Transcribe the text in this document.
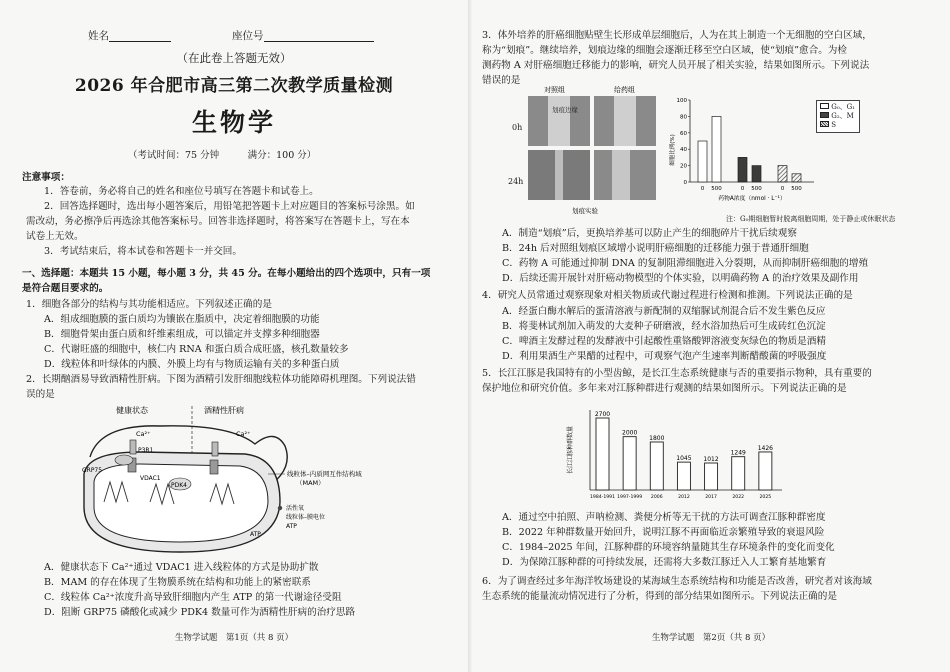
姓名	座位号
（在此卷上答题无效）
2026 年合肥市高三第二次教学质量检测
生物学
（考试时间：75 分钟　　　满分：100 分）
注意事项：
1．答卷前，务必将自己的姓名和座位号填写在答题卡和试卷上。
2．回答选择题时，选出每小题答案后，用铅笔把答题卡上对应题目的答案标号涂黑。如
需改动，务必擦净后再选涂其他答案标号。回答非选择题时，将答案写在答题卡上，写在本
试卷上无效。
3．考试结束后，将本试卷和答题卡一并交回。
一、选择题：本题共 15 小题，每小题 3 分，共 45 分。在每小题给出的四个选项中，只有一项
是符合题目要求的。
1．细胞各部分的结构与其功能相适应。下列叙述正确的是
A．组成细胞膜的蛋白质均为镶嵌在脂质中，决定着细胞膜的功能
B．细胞骨架由蛋白质和纤维素组成，可以锚定并支撑多种细胞器
C．代谢旺盛的细胞中，核仁内 RNA 和蛋白质合成旺盛，核孔数量较多
D．线粒体和叶绿体的内膜、外膜上均有与物质运输有关的多种蛋白质
2．长期酗酒易导致酒精性肝病。下图为酒精引发肝细胞线粒体功能障碍机理图。下列说法错
误的是
健康状态	酒精性肝病
Ca²⁺	Ca²⁺
P3R1
GRP75
VDAC1
PDK4
线粒体–内质网互作结构域
（MAM）
活性氧
线粒体–膜电位
ATP
ATP
A．健康状态下 Ca²⁺通过 VDAC1 进入线粒体的方式是协助扩散
B．MAM 的存在体现了生物膜系统在结构和功能上的紧密联系
C．线粒体 Ca²⁺浓度升高导致肝细胞内产生 ATP 的第一代谢途径受阻
D．阻断 GRP75 磷酸化或减少 PDK4 数量可作为酒精性肝病的治疗思路
生物学试题　第1页（共 8 页）
3．体外培养的肝癌细胞贴壁生长形成单层细胞后，人为在其上制造一个无细胞的空白区域，
称为“划痕”。继续培养，划痕边缘的细胞会逐渐迁移至空白区域，使“划痕”愈合。为检
测药物 A 对肝癌细胞迁移能力的影响，研究人员开展了相关实验，结果如图所示。下列说法
错误的是
对照组	给药组
划痕边缘
划痕实验
0h
24h	0
20
40
60
80
100
细胞比例(%)
0 500	0 500	0 500
药物A浓度（nmol · L⁻¹）
G₀、G₁
G₂、M
S
注：G₀期细胞暂时脱离细胞周期，处于静止或休眠状态
A．制造“划痕”后，更换培养基可以防止产生的细胞碎片干扰后续观察
B．24h 后对照组划痕区域增小说明肝癌细胞的迁移能力强于普通肝细胞
C．药物 A 可能通过抑制 DNA 的复制阻滞细胞进入分裂期，从而抑制肝癌细胞的增殖
D．后续还需开展针对肝癌动物模型的个体实验，以明确药物 A 的治疗效果及副作用
4．研究人员常通过观察现象对相关物质或代谢过程进行检测和推测。下列说法正确的是
A．经蛋白酶水解后的蛋清溶液与新配制的双缩脲试剂混合后不发生紫色反应
B．将斐林试剂加入萌发的大麦种子研磨液，经水浴加热后可生成砖红色沉淀
C．啤酒主发酵过程的发酵液中引起酸性重铬酸钾溶液变灰绿色的物质是酒精
D．利用果酒生产果醋的过程中，可观察气泡产生速率判断醋酸菌的呼吸强度
5．长江江豚是我国特有的小型齿鲸，是长江生态系统健康与否的重要指示物种，具有重要的
保护地位和研究价值。多年来对江豚种群进行观测的结果如图所示。下列说法正确的是
长江江豚种群数量
2700
1984-1991
2000
1997-1999
1800
2006
1045
2012
1012
2017
1249
2022
1426
2025
A．通过空中拍照、声呐检测、粪便分析等无干扰的方法可调查江豚种群密度
B．2022 年种群数量开始回升，说明江豚不再面临近亲繁殖导致的衰退风险
C．1984–2025 年间，江豚种群的环境容纳量随其生存环境条件的变化而变化
D．为保障江豚种群的可持续发展，还需将大多数江豚迁入人工繁育基地繁育
6．为了调查经过多年海洋牧场建设的某海域生态系统结构和功能是否改善，研究者对该海域
生态系统的能量流动情况进行了分析，得到的部分结果如图所示。下列说法正确的是
生物学试题　第2页（共 8 页）
